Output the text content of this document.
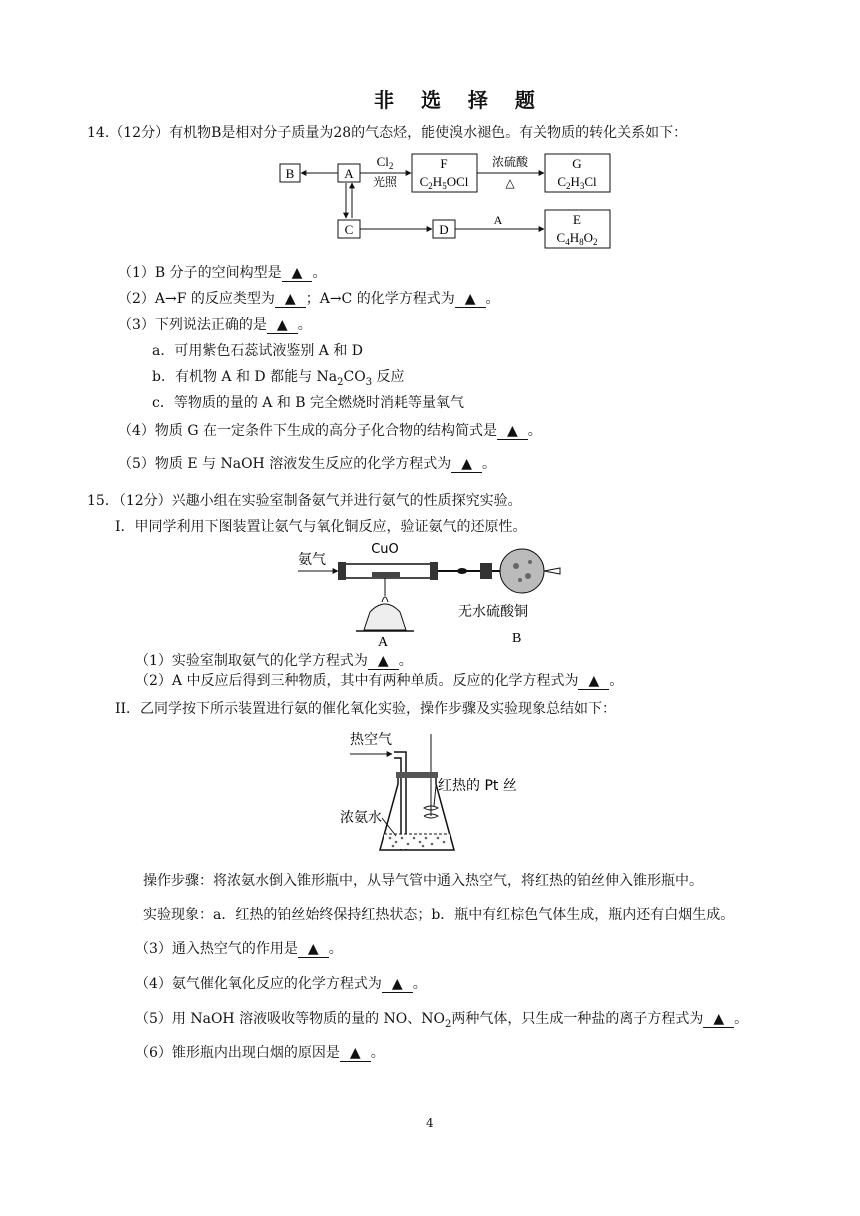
非 选 择 题
14.（12分）有机物B是相对分子质量为28的气态烃，能使溴水褪色。有关物质的转化关系如下：
B	A
C
$Cl_2$
光照
F
$C_2H_5OCl$
浓硫酸
△
G
$C_2H_3Cl$
D
A	E
$C_4H_8O_2$
（1）B 分子的空间构型是 ▲ 。
（2）A→F 的反应类型为 ▲ ；A→C 的化学方程式为 ▲ 。
（3）下列说法正确的是 ▲ 。
a．可用紫色石蕊试液鉴别 A 和 D
b．有机物 A 和 D 都能与 $Na_2CO_3$ 反应
c．等物质的量的 A 和 B 完全燃烧时消耗等量氧气
（4）物质 G 在一定条件下生成的高分子化合物的结构简式是 ▲ 。
（5）物质 E 与 NaOH 溶液发生反应的化学方程式为 ▲ 。
15．（12分）兴趣小组在实验室制备氨气并进行氨气的性质探究实验。
I．甲同学利用下图装置让氨气与氧化铜反应，验证氨气的还原性。
氨气
CuO
无水硫酸铜
B
A
（1）实验室制取氨气的化学方程式为 ▲ 。
（2）A 中反应后得到三种物质，其中有两种单质。反应的化学方程式为 ▲ 。
II．乙同学按下所示装置进行氨的催化氧化实验，操作步骤及实验现象总结如下：
热空气
红热的 Pt 丝
浓氨水
操作步骤：将浓氨水倒入锥形瓶中，从导气管中通入热空气，将红热的铂丝伸入锥形瓶中。
实验现象：a．红热的铂丝始终保持红热状态；b．瓶中有红棕色气体生成，瓶内还有白烟生成。
（3）通入热空气的作用是 ▲ 。
（4）氨气催化氧化反应的化学方程式为 ▲ 。
（5）用 NaOH 溶液吸收等物质的量的 NO、$NO_2$两种气体，只生成一种盐的离子方程式为 ▲ 。
（6）锥形瓶内出现白烟的原因是 ▲ 。
4
